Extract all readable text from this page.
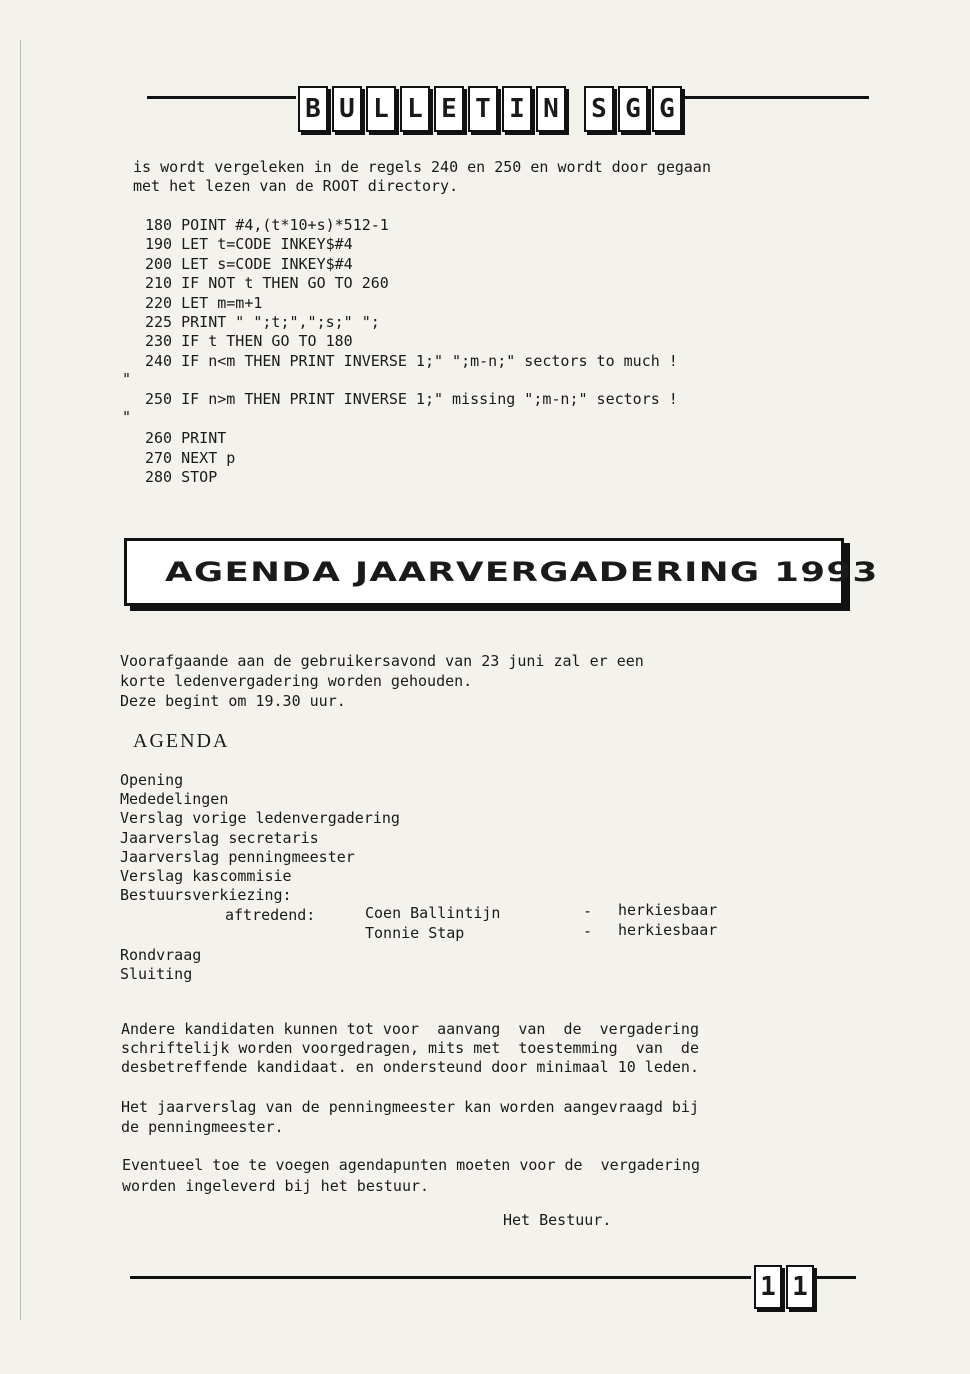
B U L L E T I N S G G
is wordt vergeleken in de regels 240 en 250 en wordt door gegaan
met het lezen van de ROOT directory.
180 POINT #4,(t*10+s)*512-1
190 LET t=CODE INKEY$#4
200 LET s=CODE INKEY$#4
210 IF NOT t THEN GO TO 260
220 LET m=m+1
225 PRINT " ";t;",";s;" ";
230 IF t THEN GO TO 180
240 IF n<m THEN PRINT INVERSE 1;" ";m-n;" sectors to much !
"
250 IF n>m THEN PRINT INVERSE 1;" missing ";m-n;" sectors !
"
260 PRINT
270 NEXT p
280 STOP
AGENDA JAARVERGADERING 1993
Voorafgaande aan de gebruikersavond van 23 juni zal er een
korte ledenvergadering worden gehouden.
Deze begint om 19.30 uur.
AGENDA
Opening
Mededelingen
Verslag vorige ledenvergadering
Jaarverslag secretaris
Jaarverslag penningmeester
Verslag kascommisie
Bestuursverkiezing:
aftredend:	Coen Ballintijn	- herkiesbaar
Tonnie Stap	- herkiesbaar
Rondvraag
Sluiting
Andere kandidaten kunnen tot voor  aanvang  van  de  vergadering
schriftelijk worden voorgedragen, mits met  toestemming  van  de
desbetreffende kandidaat. en ondersteund door minimaal 10 leden.
Het jaarverslag van de penningmeester kan worden aangevraagd bij
de penningmeester.
Eventueel toe te voegen agendapunten moeten voor de  vergadering
worden ingeleverd bij het bestuur.
Het Bestuur.
1 1
